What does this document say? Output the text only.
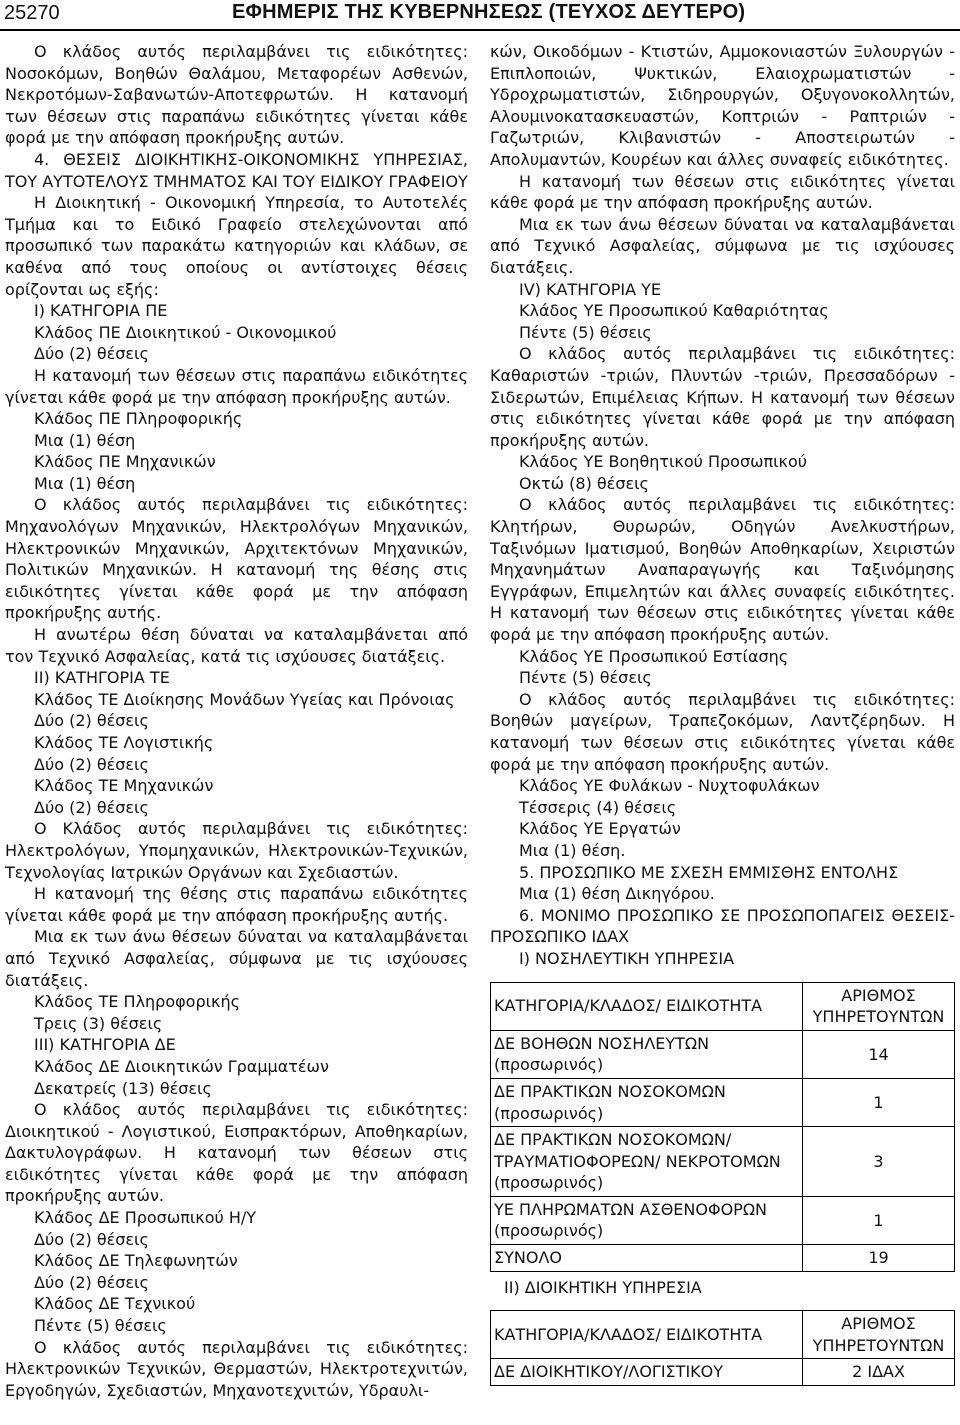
25270	ΕΦΗΜΕΡΙΣ ΤΗΣ ΚΥΒΕΡΝΗΣΕΩΣ (ΤΕΥΧΟΣ ΔΕΥΤΕΡΟ)

Ο κλάδος αυτός περιλαμβάνει τις ειδικότητες: Νοσοκόμων, Βοηθών Θαλάμου, Μεταφορέων Ασθενών, Νεκροτόμων-Σαβανωτών-Αποτεφρωτών. Η κατανομή των θέσεων στις παραπάνω ειδικότητες γίνεται κάθε φορά με την απόφαση προκήρυξης αυτών.

4. ΘΕΣΕΙΣ ΔΙΟΙΚΗΤΙΚΗΣ-ΟΙΚΟΝΟΜΙΚΗΣ ΥΠΗΡΕΣΙΑΣ, ΤΟΥ ΑΥΤΟΤΕΛΟΥΣ ΤΜΗΜΑΤΟΣ ΚΑΙ ΤΟΥ ΕΙΔΙΚΟΥ ΓΡΑΦΕΙΟΥ

Η Διοικητική - Οικονομική Υπηρεσία, το Αυτοτελές Τμήμα και το Ειδικό Γραφείο στελεχώνονται από προσωπικό των παρακάτω κατηγοριών και κλάδων, σε καθένα από τους οποίους οι αντίστοιχες θέσεις ορίζονται ως εξής:

Ι) ΚΑΤΗΓΟΡΙΑ ΠΕ

Κλάδος ΠΕ Διοικητικού - Οικονομικού

Δύο (2) θέσεις

Η κατανομή των θέσεων στις παραπάνω ειδικότητες γίνεται κάθε φορά με την απόφαση προκήρυξης αυτών.

Κλάδος ΠΕ Πληροφορικής

Μια (1) θέση

Κλάδος ΠΕ Μηχανικών

Μια (1) θέση

Ο κλάδος αυτός περιλαμβάνει τις ειδικότητες: Μηχανολόγων Μηχανικών, Ηλεκτρολόγων Μηχανικών, Ηλεκτρονικών Μηχανικών, Αρχιτεκτόνων Μηχανικών, Πολιτικών Μηχανικών. Η κατανομή της θέσης στις ειδικότητες γίνεται κάθε φορά με την απόφαση προκήρυξης αυτής.

Η ανωτέρω θέση δύναται να καταλαμβάνεται από τον Τεχνικό Ασφαλείας, κατά τις ισχύουσες διατάξεις.

ΙΙ) ΚΑΤΗΓΟΡΙΑ ΤΕ

Κλάδος ΤΕ Διοίκησης Μονάδων Υγείας και Πρόνοιας

Δύο (2) θέσεις

Κλάδος ΤΕ Λογιστικής

Δύο (2) θέσεις

Κλάδος ΤΕ Μηχανικών

Δύο (2) θέσεις

Ο Κλάδος αυτός περιλαμβάνει τις ειδικότητες: Ηλεκτρολόγων, Υπομηχανικών, Ηλεκτρονικών-Τεχνικών, Τεχνολογίας Ιατρικών Οργάνων και Σχεδιαστών.

Η κατανομή της θέσης στις παραπάνω ειδικότητες γίνεται κάθε φορά με την απόφαση προκήρυξης αυτής.

Μια εκ των άνω θέσεων δύναται να καταλαμβάνεται από Τεχνικό Ασφαλείας, σύμφωνα με τις ισχύουσες διατάξεις.

Κλάδος ΤΕ Πληροφορικής

Τρεις (3) θέσεις

ΙΙΙ) ΚΑΤΗΓΟΡΙΑ ΔΕ

Κλάδος ΔΕ Διοικητικών Γραμματέων

Δεκατρείς (13) θέσεις

Ο κλάδος αυτός περιλαμβάνει τις ειδικότητες: Διοικητικού - Λογιστικού, Εισπρακτόρων, Αποθηκαρίων, Δακτυλογράφων. Η κατανομή των θέσεων στις ειδικότητες γίνεται κάθε φορά με την απόφαση προκήρυξης αυτών.

Κλάδος ΔΕ Προσωπικού Η/Υ

Δύο (2) θέσεις

Κλάδος ΔΕ Τηλεφωνητών

Δύο (2) θέσεις

Κλάδος ΔΕ Τεχνικού

Πέντε (5) θέσεις

Ο κλάδος αυτός περιλαμβάνει τις ειδικότητες: Ηλεκτρονικών Τεχνικών, Θερμαστών, Ηλεκτροτεχνιτών, Εργοδηγών, Σχεδιαστών, Μηχανοτεχνιτών, Υδραυλι-

κών, Οικοδόμων - Κτιστών, Αμμοκονιαστών Ξυλουργών - Επιπλοποιών, Ψυκτικών, Ελαιοχρωματιστών - Υδροχρωματιστών, Σιδηρουργών, Οξυγονοκολλητών, Αλουμινοκατασκευαστών, Κοπτριών - Ραπτριών - Γαζωτριών, Κλιβανιστών - Αποστειρωτών - Απολυμαντών, Κουρέων και άλλες συναφείς ειδικότητες.

Η κατανομή των θέσεων στις ειδικότητες γίνεται κάθε φορά με την απόφαση προκήρυξης αυτών.

Μια εκ των άνω θέσεων δύναται να καταλαμβάνεται από Τεχνικό Ασφαλείας, σύμφωνα με τις ισχύουσες διατάξεις.

ΙV) ΚΑΤΗΓΟΡΙΑ ΥΕ

Κλάδος ΥΕ Προσωπικού Καθαριότητας

Πέντε (5) θέσεις

Ο κλάδος αυτός περιλαμβάνει τις ειδικότητες: Καθαριστών -τριών, Πλυντών -τριών, Πρεσσαδόρων - Σιδερωτών, Επιμέλειας Κήπων. Η κατανομή των θέσεων στις ειδικότητες γίνεται κάθε φορά με την απόφαση προκήρυξης αυτών.

Κλάδος ΥΕ Βοηθητικού Προσωπικού

Οκτώ (8) θέσεις

Ο κλάδος αυτός περιλαμβάνει τις ειδικότητες: Κλητήρων, Θυρωρών, Οδηγών Ανελκυστήρων, Ταξινόμων Ιματισμού, Βοηθών Αποθηκαρίων, Χειριστών Μηχανημάτων Αναπαραγωγής και Ταξινόμησης Εγγράφων, Επιμελητών και άλλες συναφείς ειδικότητες. Η κατανομή των θέσεων στις ειδικότητες γίνεται κάθε φορά με την απόφαση προκήρυξης αυτών.

Κλάδος ΥΕ Προσωπικού Εστίασης

Πέντε (5) θέσεις

Ο κλάδος αυτός περιλαμβάνει τις ειδικότητες: Βοηθών μαγείρων, Τραπεζοκόμων, Λαντζέρηδων. Η κατανομή των θέσεων στις ειδικότητες γίνεται κάθε φορά με την απόφαση προκήρυξης αυτών.

Κλάδος ΥΕ Φυλάκων - Νυχτοφυλάκων

Τέσσερις (4) θέσεις

Κλάδος ΥΕ Εργατών

Μια (1) θέση.

5. ΠΡΟΣΩΠΙΚΟ ΜΕ ΣΧΕΣΗ ΕΜΜΙΣΘΗΣ ΕΝΤΟΛΗΣ

Μια (1) θέση Δικηγόρου.

6. ΜΟΝΙΜΟ ΠΡΟΣΩΠΙΚΟ ΣΕ ΠΡΟΣΩΠΟΠΑΓΕΙΣ ΘΕΣΕΙΣ-ΠΡΟΣΩΠΙΚΟ ΙΔΑΧ

Ι) ΝΟΣΗΛΕΥΤΙΚΗ ΥΠΗΡΕΣΙΑ

ΚΑΤΗΓΟΡΙΑ/ΚΛΑΔΟΣ/ ΕΙΔΙΚΟΤΗΤΑ	ΑΡΙΘΜΟΣ ΥΠΗΡΕΤΟΥΝΤΩΝ
ΔΕ ΒΟΗΘΩΝ ΝΟΣΗΛΕΥΤΩΝ (προσωρινός)	14
ΔΕ ΠΡΑΚΤΙΚΩΝ ΝΟΣΟΚΟΜΩΝ (προσωρινός)	1
ΔΕ ΠΡΑΚΤΙΚΩΝ ΝΟΣΟΚΟΜΩΝ/ ΤΡΑΥΜΑΤΙΟΦΟΡΕΩΝ/ ΝΕΚΡΟΤΟΜΩΝ (προσωρινός)	3
ΥΕ ΠΛΗΡΩΜΑΤΩΝ ΑΣΘΕΝΟΦΟΡΩΝ (προσωρινός)	1
ΣΥΝΟΛΟ	19

ΙΙ) ΔΙΟΙΚΗΤΙΚΗ ΥΠΗΡΕΣΙΑ

ΚΑΤΗΓΟΡΙΑ/ΚΛΑΔΟΣ/ ΕΙΔΙΚΟΤΗΤΑ	ΑΡΙΘΜΟΣ ΥΠΗΡΕΤΟΥΝΤΩΝ
ΔΕ ΔΙΟΙΚΗΤΙΚΟΥ/ΛΟΓΙΣΤΙΚΟΥ	2 ΙΔΑΧ
